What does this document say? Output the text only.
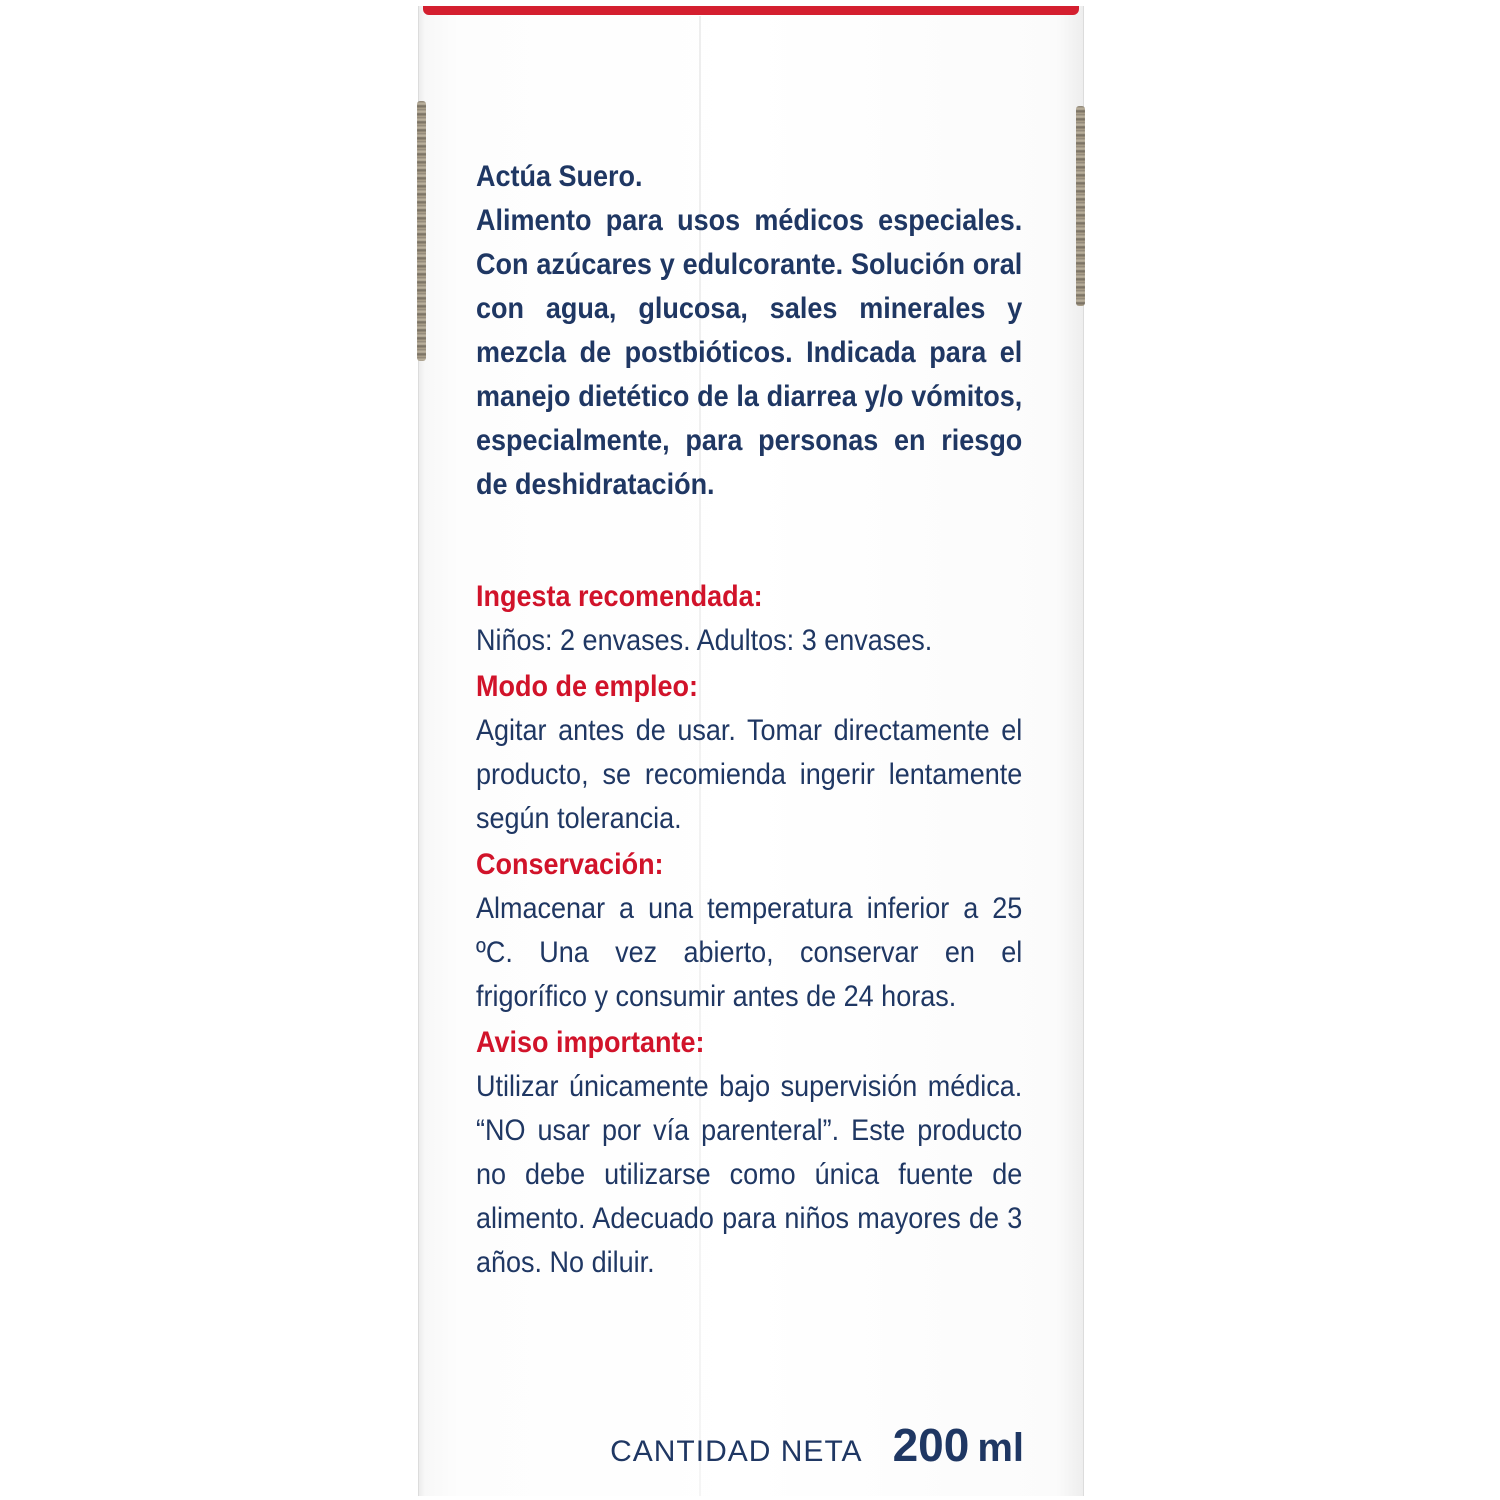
Actúa Suero.
Alimento para usos médicos especiales. Con azúcares y edulcorante. Solución oral con agua, glucosa, sales minerales y mezcla de postbióticos. Indicada para el manejo dietético de la diarrea y/o vómitos, especialmente, para personas en riesgo de deshidratación.

Ingesta recomendada:

Niños: 2 envases. Adultos: 3 envases.

Modo de empleo:

Agitar antes de usar. Tomar directamente el producto, se recomienda ingerir lentamente según tolerancia.

Conservación:

Almacenar a una temperatura inferior a 25 ºC. Una vez abierto, conservar en el frigorífico y consumir antes de 24 horas.

Aviso importante:

Utilizar únicamente bajo supervisión médica. “NO usar por vía parenteral”. Este producto no debe utilizarse como única fuente de alimento. Adecuado para niños mayores de 3 años. No diluir.

CANTIDAD NETA 200 ml
